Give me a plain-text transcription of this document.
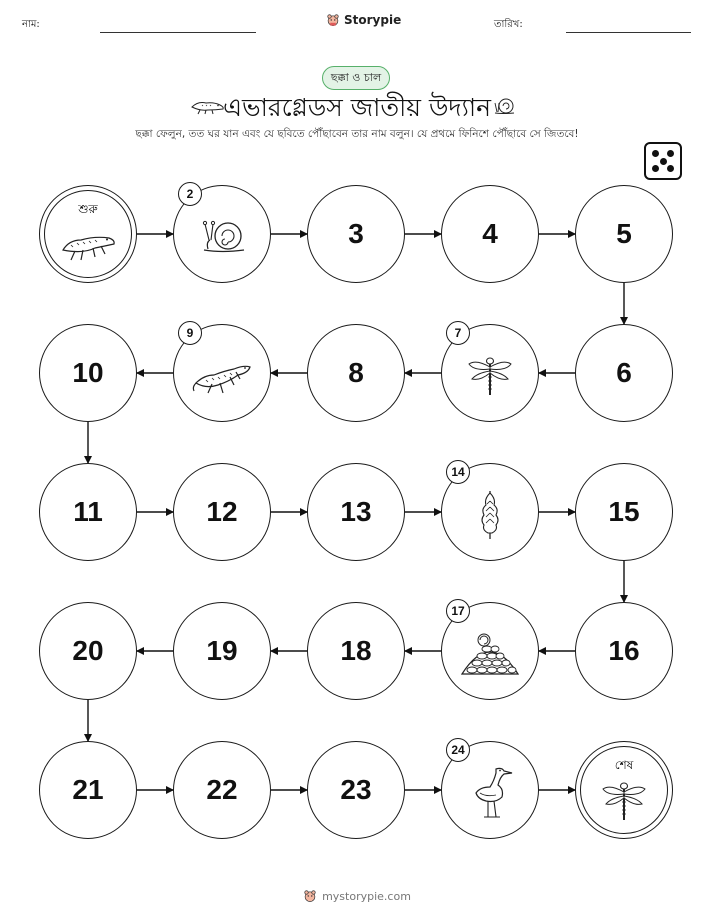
নাম:	Storypie	তারিখ:
ছক্কা ও চাল
এভারগ্লেডস জাতীয় উদ্যান
ছক্কা ফেলুন, তত ঘর যান এবং যে ছবিতে পৌঁছাবেন তার নাম বলুন। যে প্রথমে ফিনিশে পৌঁছাবে সে জিতবে!
শুরু
2
3	4	5
6
7
8
9
10
11	12	13
14
15
16
17
18
19
20
21	22	23
24
শেষ
mystorypie.com
